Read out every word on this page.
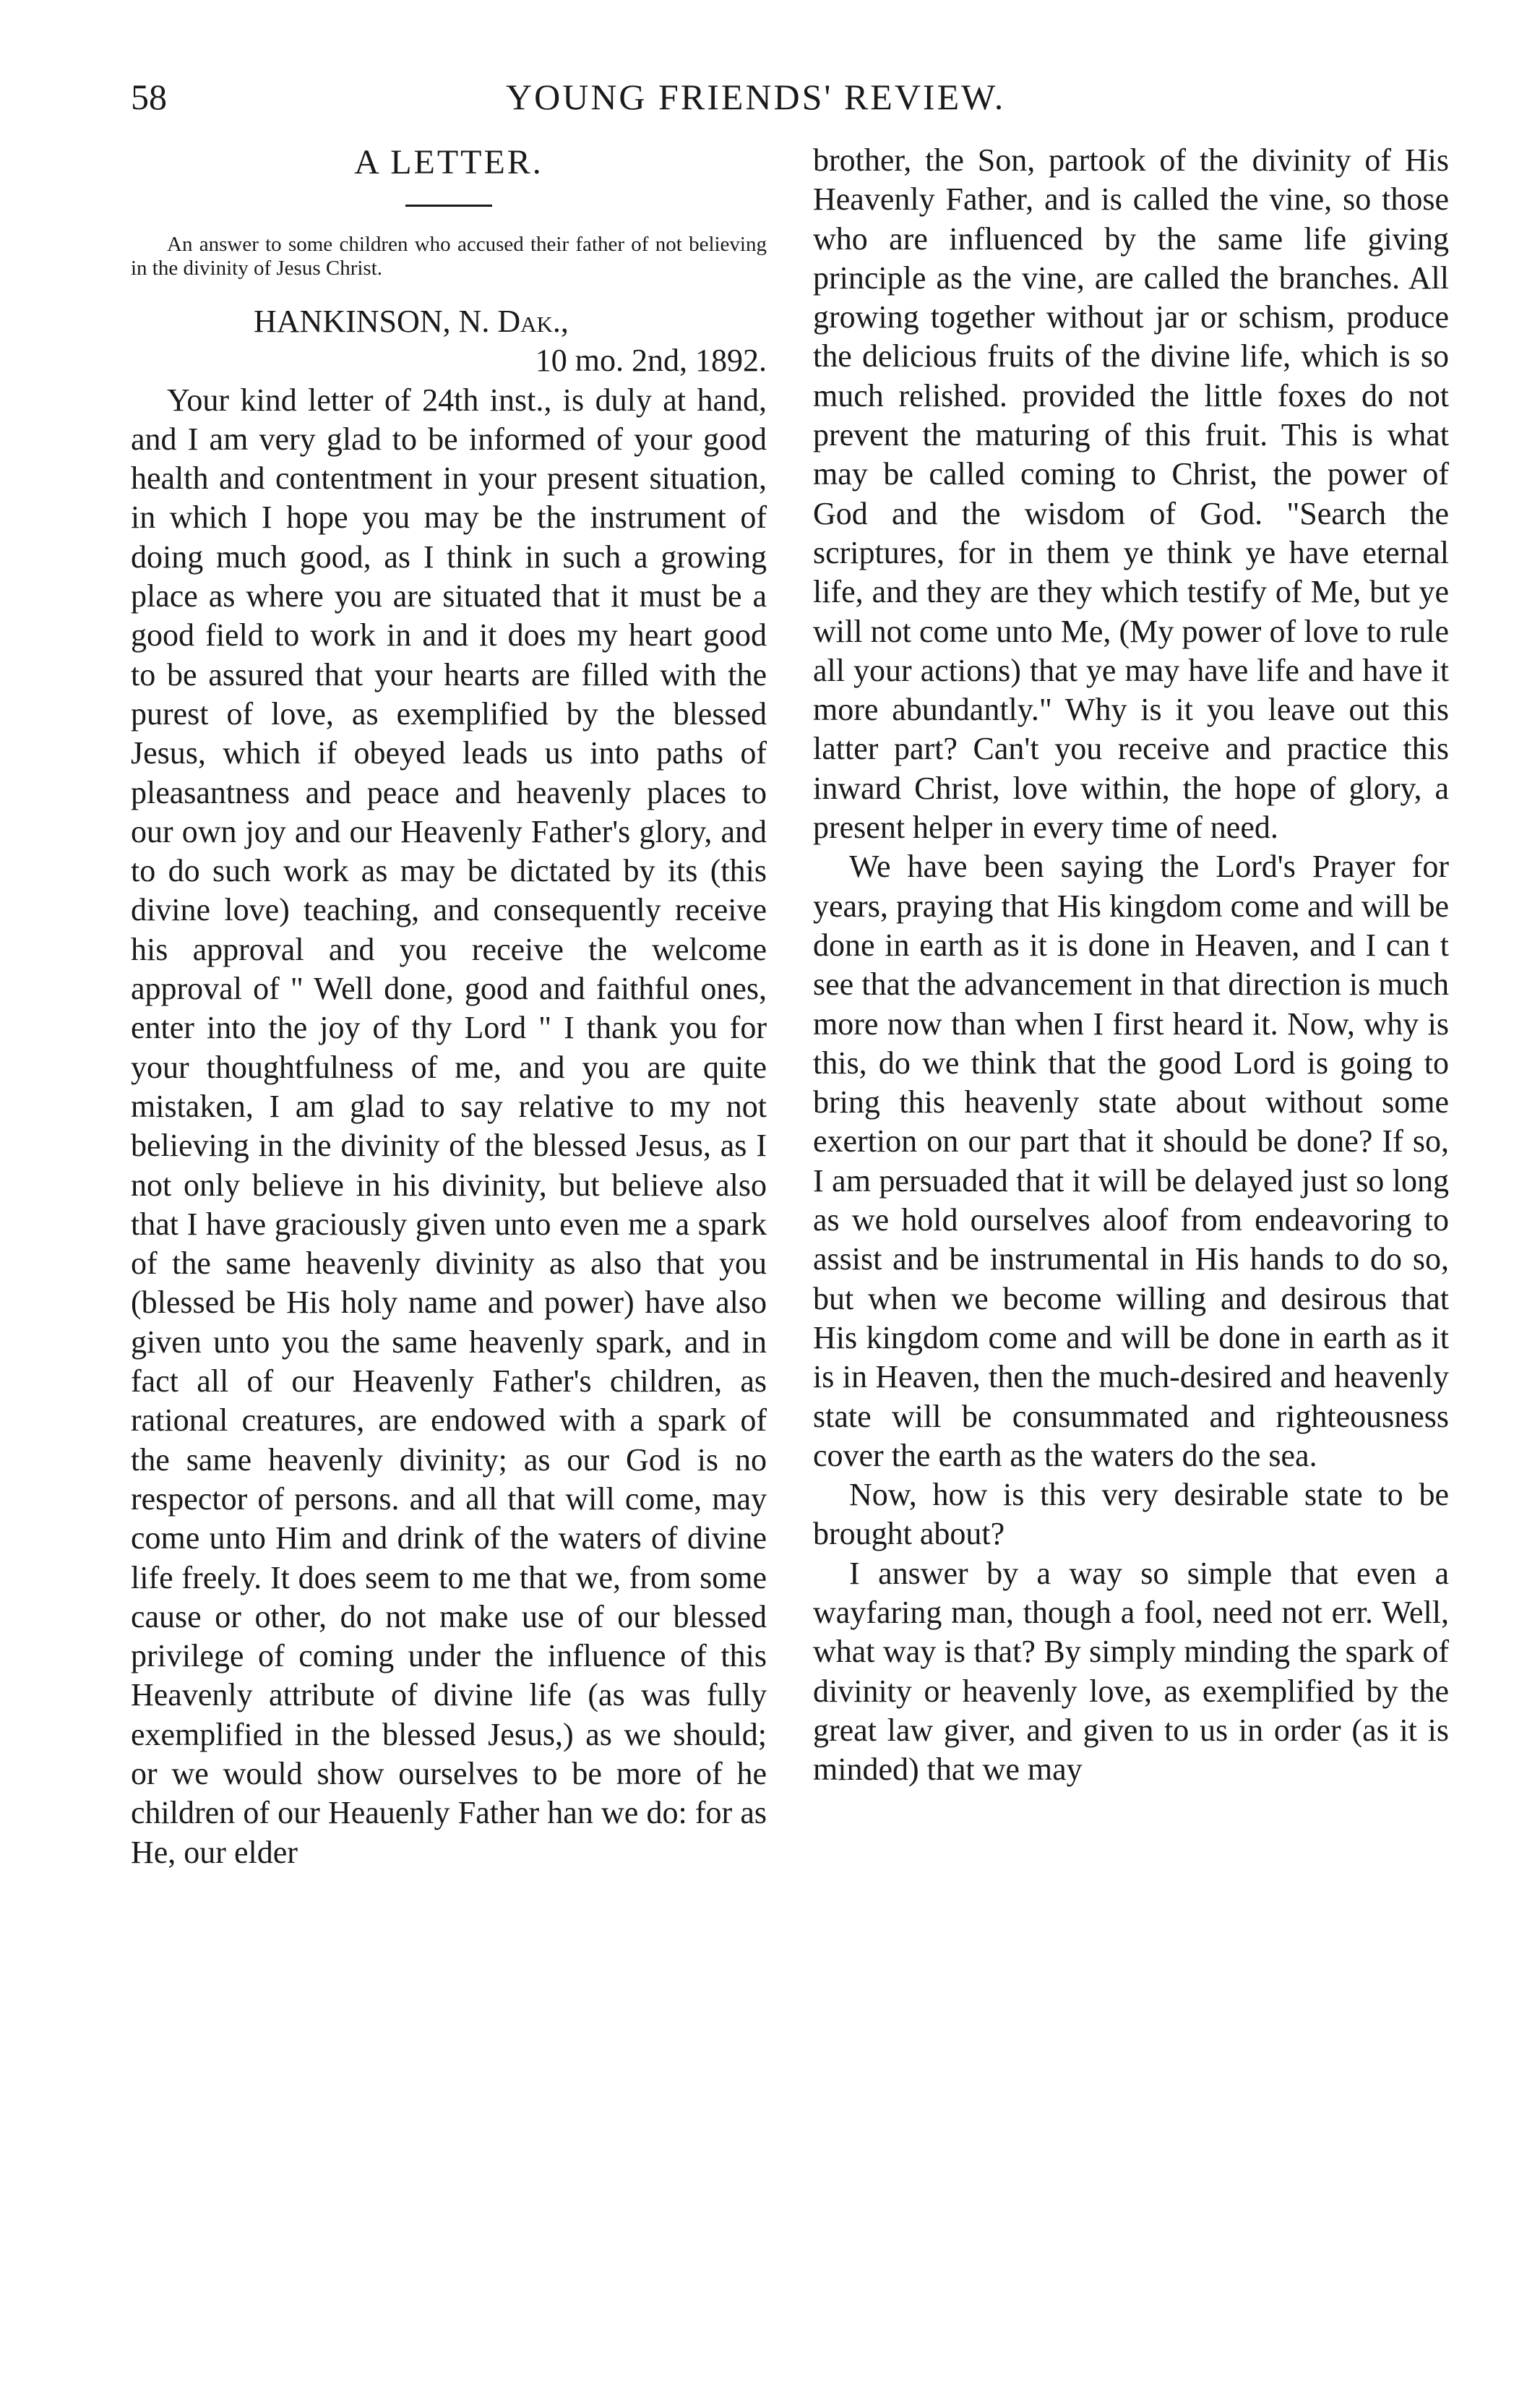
58	YOUNG FRIENDS' REVIEW.
A LETTER.
An answer to some children who accused their father of not believing in the divinity of Jesus Christ.
HANKINSON, N. Dak.,
10 mo. 2nd, 1892.

Your kind letter of 24th inst., is duly at hand, and I am very glad to be informed of your good health and contentment in your present situation, in which I hope you may be the instrument of doing much good, as I think in such a growing place as where you are situated that it must be a good field to work in and it does my heart good to be assured that your hearts are filled with the purest of love, as exemplified by the blessed Jesus, which if obeyed leads us into paths of pleasantness and peace and heavenly places to our own joy and our Heavenly Father's glory, and to do such work as may be dictated by its (this divine love) teaching, and consequently receive his approval and you receive the welcome approval of " Well done, good and faithful ones, enter into the joy of thy Lord " I thank you for your thoughtfulness of me, and you are quite mistaken, I am glad to say relative to my not believing in the divinity of the blessed Jesus, as I not only believe in his divinity, but believe also that I have graciously given unto even me a spark of the same heavenly divinity as also that you (blessed be His holy name and power) have also given unto you the same heavenly spark, and in fact all of our Heavenly Father's children, as rational creatures, are endowed with a spark of the same heavenly divinity; as our God is no respector of persons. and all that will come, may come unto Him and drink of the waters of divine life freely. It does seem to me that we, from some cause or other, do not make use of our blessed privilege of coming under the influence of this Heavenly attribute of divine life (as was fully exemplified in the blessed Jesus,) as we should; or we would show ourselves to be more of he children of our Heauenly Father han we do: for as He, our elder

brother, the Son, partook of the divinity of His Heavenly Father, and is called the vine, so those who are influenced by the same life giving principle as the vine, are called the branches. All growing together without jar or schism, produce the delicious fruits of the divine life, which is so much relished. provided the little foxes do not prevent the maturing of this fruit. This is what may be called coming to Christ, the power of God and the wisdom of God. "Search the scriptures, for in them ye think ye have eternal life, and they are they which testify of Me, but ye will not come unto Me, (My power of love to rule all your actions) that ye may have life and have it more abundantly." Why is it you leave out this latter part? Can't you receive and practice this inward Christ, love within, the hope of glory, a present helper in every time of need.

We have been saying the Lord's Prayer for years, praying that His kingdom come and will be done in earth as it is done in Heaven, and I can t see that the advancement in that direction is much more now than when I first heard it. Now, why is this, do we think that the good Lord is going to bring this heavenly state about without some exertion on our part that it should be done? If so, I am persuaded that it will be delayed just so long as we hold ourselves aloof from endeavoring to assist and be instrumental in His hands to do so, but when we become willing and desirous that His kingdom come and will be done in earth as it is in Heaven, then the much-desired and heavenly state will be consummated and righteousness cover the earth as the waters do the sea.

Now, how is this very desirable state to be brought about?

I answer by a way so simple that even a wayfaring man, though a fool, need not err. Well, what way is that? By simply minding the spark of divinity or heavenly love, as exemplified by the great law giver, and given to us in order (as it is minded) that we may
